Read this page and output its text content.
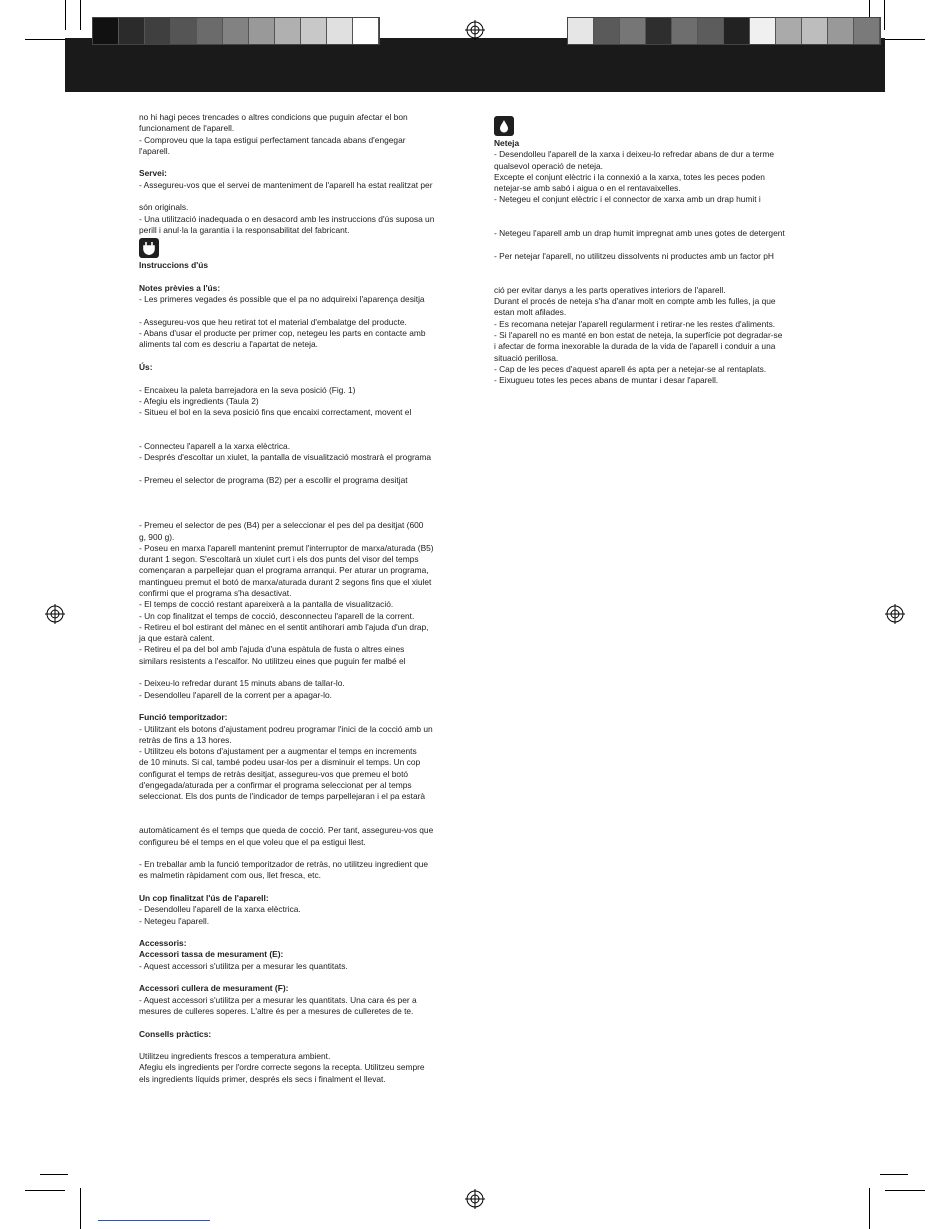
no hi hagi peces trencades o altres condicions que puguin afectar el bon
funcionament de l'aparell.
- Comproveu que la tapa estigui perfectament tancada abans d'engegar
l'aparell.

Servei:

- Assegureu-vos que el servei de manteniment de l'aparell ha estat realitzat per

són originals.
- Una utilització inadequada o en desacord amb les instruccions d'ús suposa un
perill i anul·la la garantia i la responsabilitat del fabricant.

Instruccions d'ús

Notes prèvies a l'ús:

- Les primeres vegades és possible que el pa no adquireixi l'aparença desitja

- Assegureu-vos que heu retirat tot el material d'embalatge del producte.
- Abans d'usar el producte per primer cop, netegeu les parts en contacte amb
aliments tal com es descriu a l'apartat de neteja.

Ús:

- Encaixeu la paleta barrejadora en la seva posició (Fig. 1)
- Afegiu els ingredients (Taula 2)
- Situeu el bol en la seva posició fins que encaixi correctament, movent el

- Connecteu l'aparell a la xarxa elèctrica.
- Després d'escoltar un xiulet, la pantalla de visualització mostrarà el programa

- Premeu el selector de programa (B2) per a escollir el programa desitjat

- Premeu el selector de pes (B4) per a seleccionar el pes del pa desitjat (600
g, 900 g).
- Poseu en marxa l'aparell mantenint premut l'interruptor de marxa/aturada (B5)
durant 1 segon. S'escoltarà un xiulet curt i els dos punts del visor del temps
començaran a parpellejar quan el programa arranqui. Per aturar un programa,
mantingueu premut el botó de marxa/aturada durant 2 segons fins que el xiulet
confirmi que el programa s'ha desactivat.
- El temps de cocció restant apareixerà a la pantalla de visualització.
- Un cop finalitzat el temps de cocció, desconnecteu l'aparell de la corrent.
- Retireu el bol estirant del mànec en el sentit antihorari amb l'ajuda d'un drap,
ja que estarà calent.
- Retireu el pa del bol amb l'ajuda d'una espàtula de fusta o altres eines
similars resistents a l'escalfor. No utilitzeu eines que puguin fer malbé el

- Deixeu-lo refredar durant 15 minuts abans de tallar-lo.
- Desendolleu l'aparell de la corrent per a apagar-lo.

Funció temporitzador:

- Utilitzant els botons d'ajustament podreu programar l'inici de la cocció amb un
retràs de fins a 13 hores.
- Utilitzeu els botons d'ajustament per a augmentar el temps en increments
de 10 minuts. Si cal, també podeu usar-los per a disminuir el temps. Un cop
configurat el temps de retràs desitjat, assegureu-vos que premeu el botó
d'engegada/aturada per a confirmar el programa seleccionat per al temps
seleccionat. Els dos punts de l'indicador de temps parpellejaran i el pa estarà

automàticament és el temps que queda de cocció. Per tant, assegureu-vos que
configureu bé el temps en el que voleu que el pa estigui llest.

- En treballar amb la funció temporitzador de retràs, no utilitzeu ingredient que
es malmetin ràpidament com ous, llet fresca, etc.

Un cop finalitzat l'ús de l'aparell:

- Desendolleu l'aparell de la xarxa elèctrica.
- Netegeu l'aparell.

Accessoris:

Accessori tassa de mesurament (E):

- Aquest accessori s'utilitza per a mesurar les quantitats.

Accessori cullera de mesurament (F):

- Aquest accessori s'utilitza per a mesurar les quantitats. Una cara és per a
mesures de culleres soperes. L'altre és per a mesures de culleretes de te.

Consells pràctics:

Utilitzeu ingredients frescos a temperatura ambient.
Afegiu els ingredients per l'ordre correcte segons la recepta. Utilitzeu sempre
els ingredients líquids primer, després els secs i finalment el llevat.

Neteja

- Desendolleu l'aparell de la xarxa i deixeu-lo refredar abans de dur a terme
qualsevol operació de neteja.
Excepte el conjunt elèctric i la connexió a la xarxa, totes les peces poden
netejar-se amb sabó i aigua o en el rentavaixelles.
- Netegeu el conjunt elèctric i el connector de xarxa amb un drap humit i

- Netegeu l'aparell amb un drap humit impregnat amb unes gotes de detergent

- Per netejar l'aparell, no utilitzeu dissolvents ni productes amb un factor pH

ció per evitar danys a les parts operatives interiors de l'aparell.
Durant el procés de neteja s'ha d'anar molt en compte amb les fulles, ja que
estan molt afilades.
- Es recomana netejar l'aparell regularment i retirar-ne les restes d'aliments.
- Si l'aparell no es manté en bon estat de neteja, la superfície pot degradar-se
i afectar de forma inexorable la durada de la vida de l'aparell i conduir a una
situació perillosa.
- Cap de les peces d'aquest aparell és apta per a netejar-se al rentaplats.
- Eixugueu totes les peces abans de muntar i desar l'aparell.
